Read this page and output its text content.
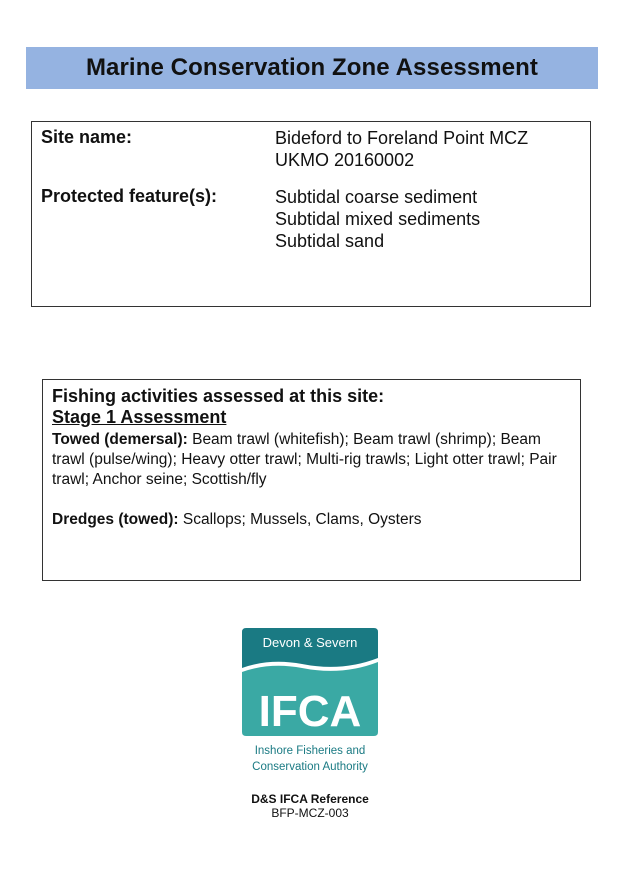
Marine Conservation Zone Assessment
Site name:	Bideford to Foreland Point MCZ
UKMO 20160002
Protected feature(s):	Subtidal coarse sediment
Subtidal mixed sediments
Subtidal sand
Fishing activities assessed at this site:
Stage 1 Assessment
Towed (demersal): Beam trawl (whitefish); Beam trawl (shrimp); Beam trawl (pulse/wing); Heavy otter trawl; Multi-rig trawls; Light otter trawl; Pair trawl; Anchor seine; Scottish/fly
Dredges (towed): Scallops; Mussels, Clams, Oysters
Devon & Severn
IFCA
Inshore Fisheries and
Conservation Authority
D&S IFCA Reference
BFP-MCZ-003
